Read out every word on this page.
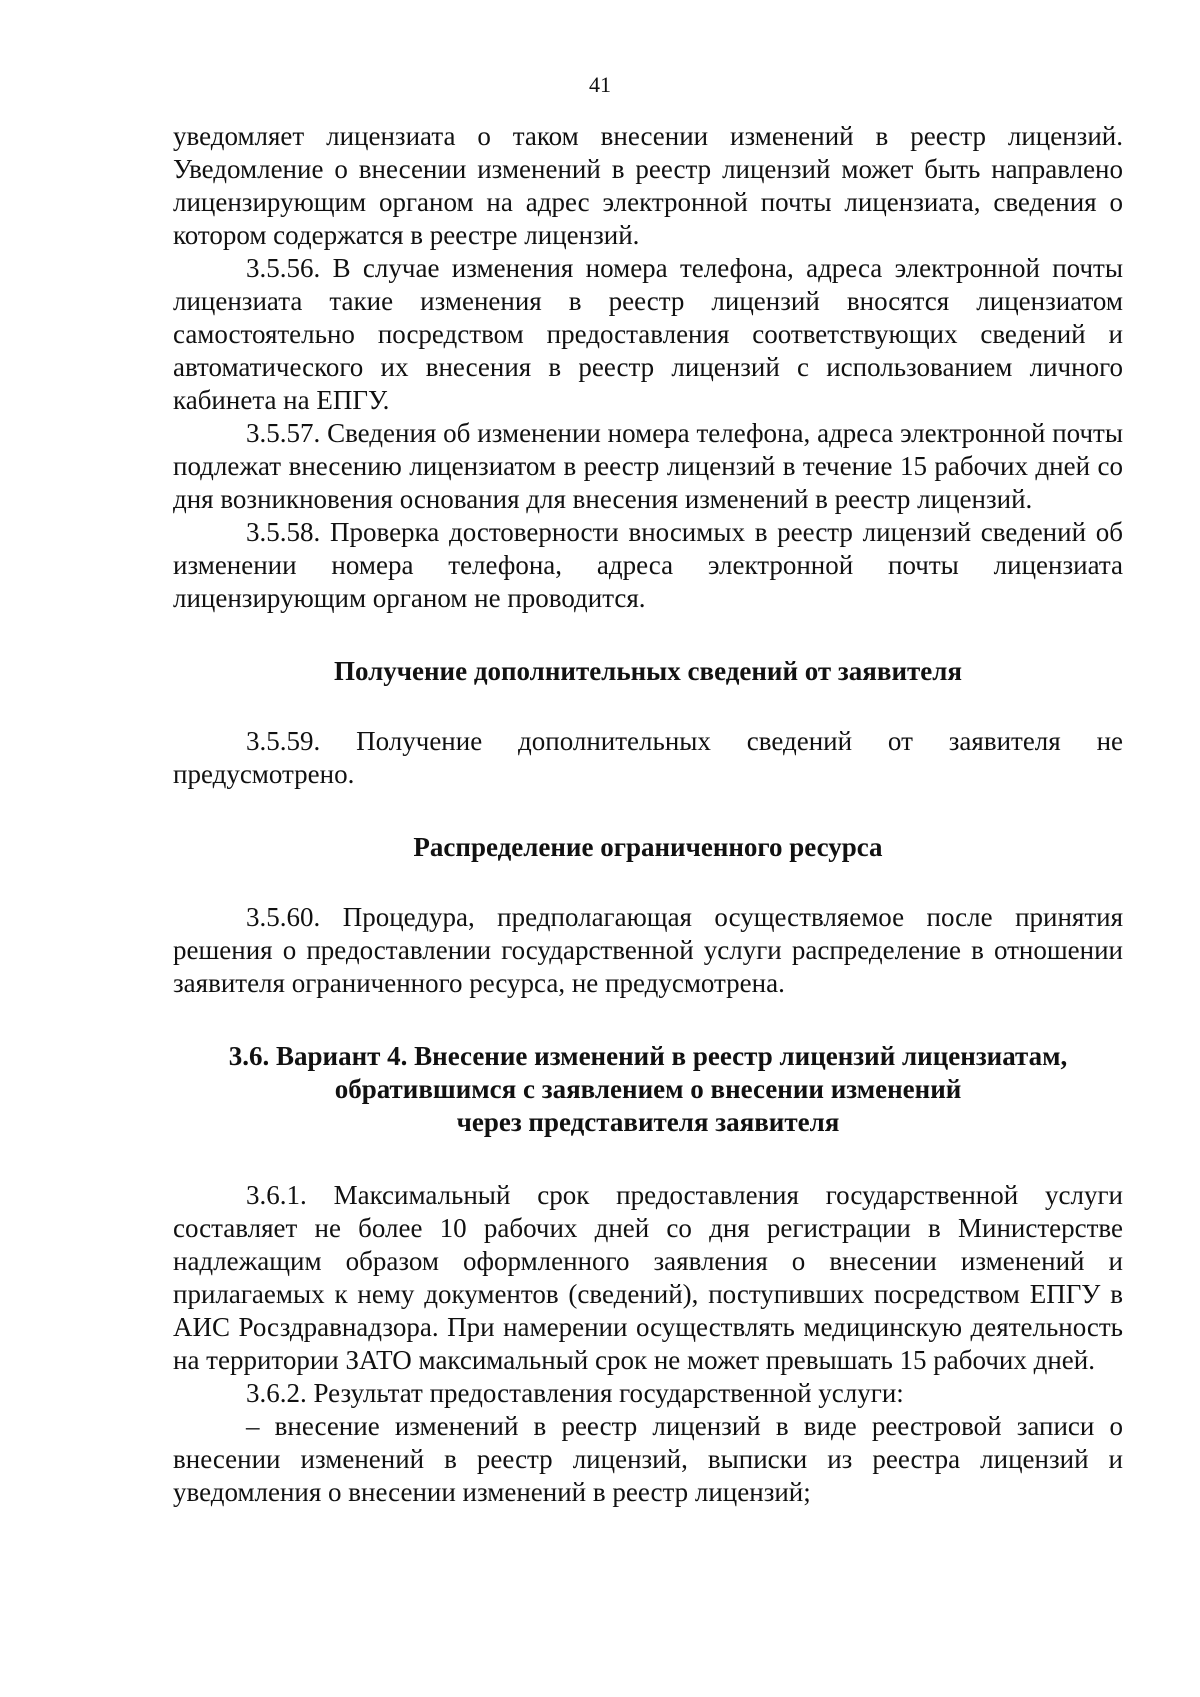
41

уведомляет лицензиата о таком внесении изменений в реестр лицензий. Уведомление о внесении изменений в реестр лицензий может быть направлено лицензирующим органом на адрес электронной почты лицензиата, сведения о котором содержатся в реестре лицензий.

3.5.56. В случае изменения номера телефона, адреса электронной почты лицензиата такие изменения в реестр лицензий вносятся лицензиатом самостоятельно посредством предоставления соответствующих сведений и автоматического их внесения в реестр лицензий с использованием личного кабинета на ЕПГУ.

3.5.57. Сведения об изменении номера телефона, адреса электронной почты подлежат внесению лицензиатом в реестр лицензий в течение 15 рабочих дней со дня возникновения основания для внесения изменений в реестр лицензий.

3.5.58. Проверка достоверности вносимых в реестр лицензий сведений об изменении номера телефона, адреса электронной почты лицензиата лицензирующим органом не проводится.

Получение дополнительных сведений от заявителя

3.5.59. Получение дополнительных сведений от заявителя не предусмотрено.

Распределение ограниченного ресурса

3.5.60. Процедура, предполагающая осуществляемое после принятия решения о предоставлении государственной услуги распределение в отношении заявителя ограниченного ресурса, не предусмотрена.

3.6. Вариант 4. Внесение изменений в реестр лицензий лицензиатам,
обратившимся с заявлением о внесении изменений
через представителя заявителя

3.6.1. Максимальный срок предоставления государственной услуги составляет не более 10 рабочих дней со дня регистрации в Министерстве надлежащим образом оформленного заявления о внесении изменений и прилагаемых к нему документов (сведений), поступивших посредством ЕПГУ в АИС Росздравнадзора. При намерении осуществлять медицинскую деятельность на территории ЗАТО максимальный срок не может превышать 15 рабочих дней.

3.6.2. Результат предоставления государственной услуги:

– внесение изменений в реестр лицензий в виде реестровой записи о внесении изменений в реестр лицензий, выписки из реестра лицензий и уведомления о внесении изменений в реестр лицензий;
